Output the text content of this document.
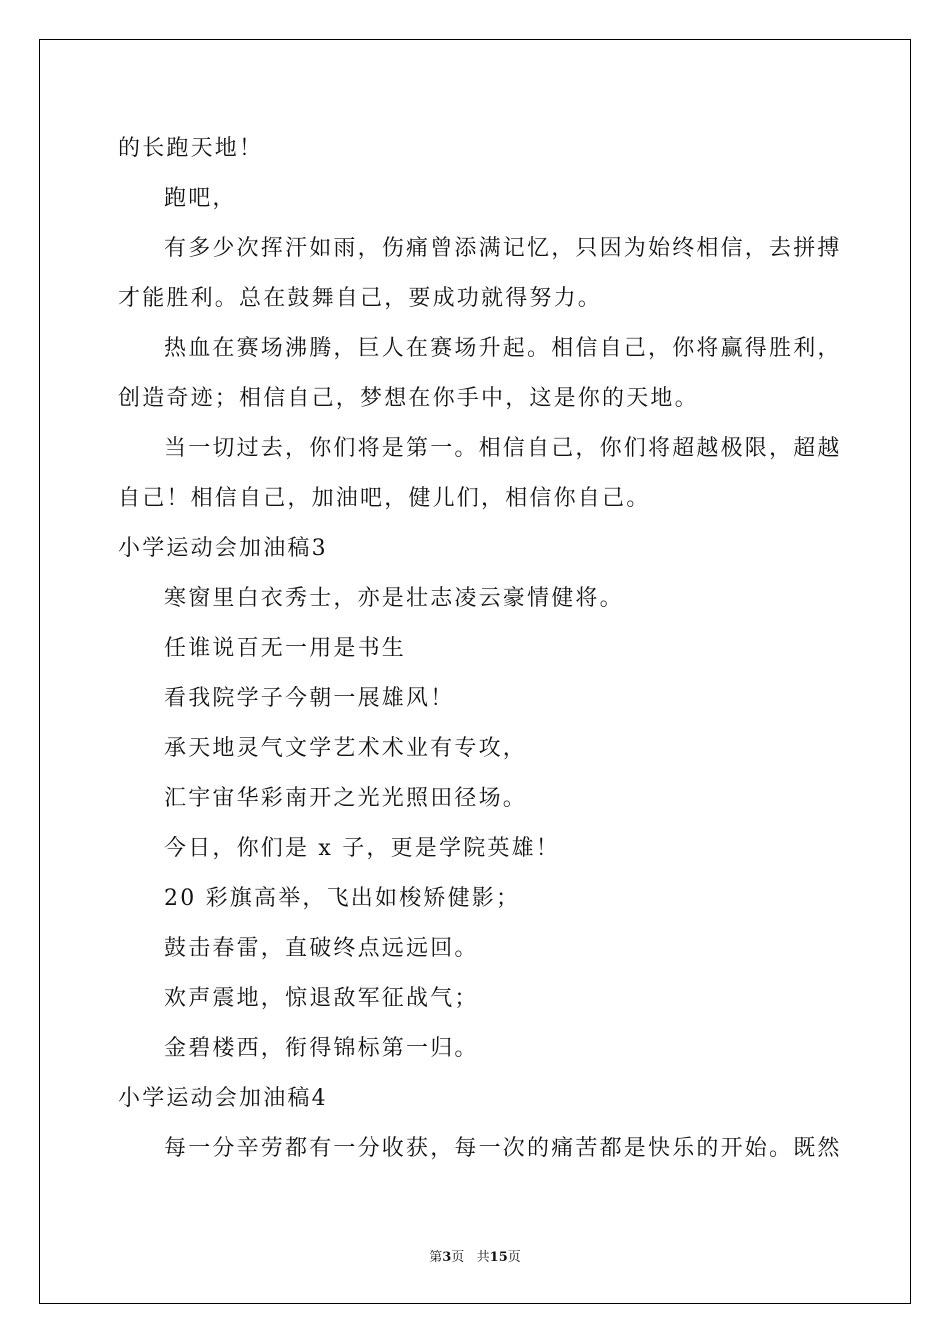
的长跑天地！
跑吧，
有多少次挥汗如雨，伤痛曾添满记忆，只因为始终相信，去拼搏
才能胜利。总在鼓舞自己，要成功就得努力。
热血在赛场沸腾，巨人在赛场升起。相信自己，你将赢得胜利，
创造奇迹；相信自己，梦想在你手中，这是你的天地。
当一切过去，你们将是第一。相信自己，你们将超越极限，超越
自己！相信自己，加油吧，健儿们，相信你自己。
小学运动会加油稿3
寒窗里白衣秀士，亦是壮志凌云豪情健将。
任谁说百无一用是书生
看我院学子今朝一展雄风！
承天地灵气文学艺术术业有专攻，
汇宇宙华彩南开之光光照田径场。
今日，你们是 x 子，更是学院英雄！
20 彩旗高举，飞出如梭矫健影；
鼓击春雷，直破终点远远回。
欢声震地，惊退敌军征战气；
金碧楼西，衔得锦标第一归。
小学运动会加油稿4
每一分辛劳都有一分收获，每一次的痛苦都是快乐的开始。既然
第3页   共15页
